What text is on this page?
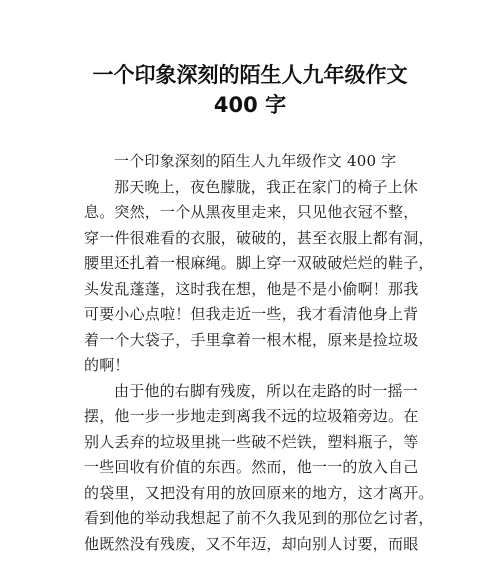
一个印象深刻的陌生人九年级作文
400 字
一个印象深刻的陌生人九年级作文 400 字
那天晚上，夜色朦胧，我正在家门的椅子上休
息。突然，一个从黑夜里走来，只见他衣冠不整，
穿一件很难看的衣服，破破的，甚至衣服上都有洞，
腰里还扎着一根麻绳。脚上穿一双破破烂烂的鞋子，
头发乱蓬蓬，这时我在想，他是不是小偷啊！那我
可要小心点啦！但我走近一些，我才看清他身上背
着一个大袋子，手里拿着一根木棍，原来是捡垃圾
的啊！
由于他的右脚有残废，所以在走路的时一摇一
摆，他一步一步地走到离我不远的垃圾箱旁边。在
别人丢弃的垃圾里挑一些破不烂铁，塑料瓶子，等
一些回收有价值的东西。然而，他一一的放入自己
的袋里，又把没有用的放回原来的地方，这才离开。
看到他的举动我想起了前不久我见到的那位乞讨者，
他既然没有残废，又不年迈，却向别人讨要，而眼
